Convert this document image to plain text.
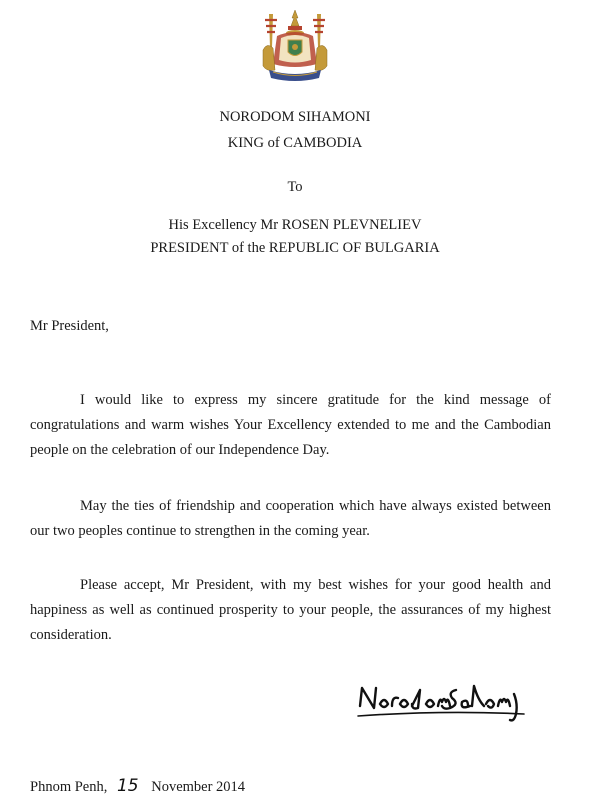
NORODOM SIHAMONI
KING of CAMBODIA
To
His Excellency Mr ROSEN PLEVNELIEV
PRESIDENT of the REPUBLIC OF BULGARIA
Mr President,
I would like to express my sincere gratitude for the kind message of congratulations and warm wishes Your Excellency extended to me and the Cambodian people on the celebration of our Independence Day.
May the ties of friendship and cooperation which have always existed between our two peoples continue to strengthen in the coming year.
Please accept, Mr President, with my best wishes for your good health and happiness as well as continued prosperity to your people, the assurances of my highest consideration.
Phnom Penh, 15 November 2014
